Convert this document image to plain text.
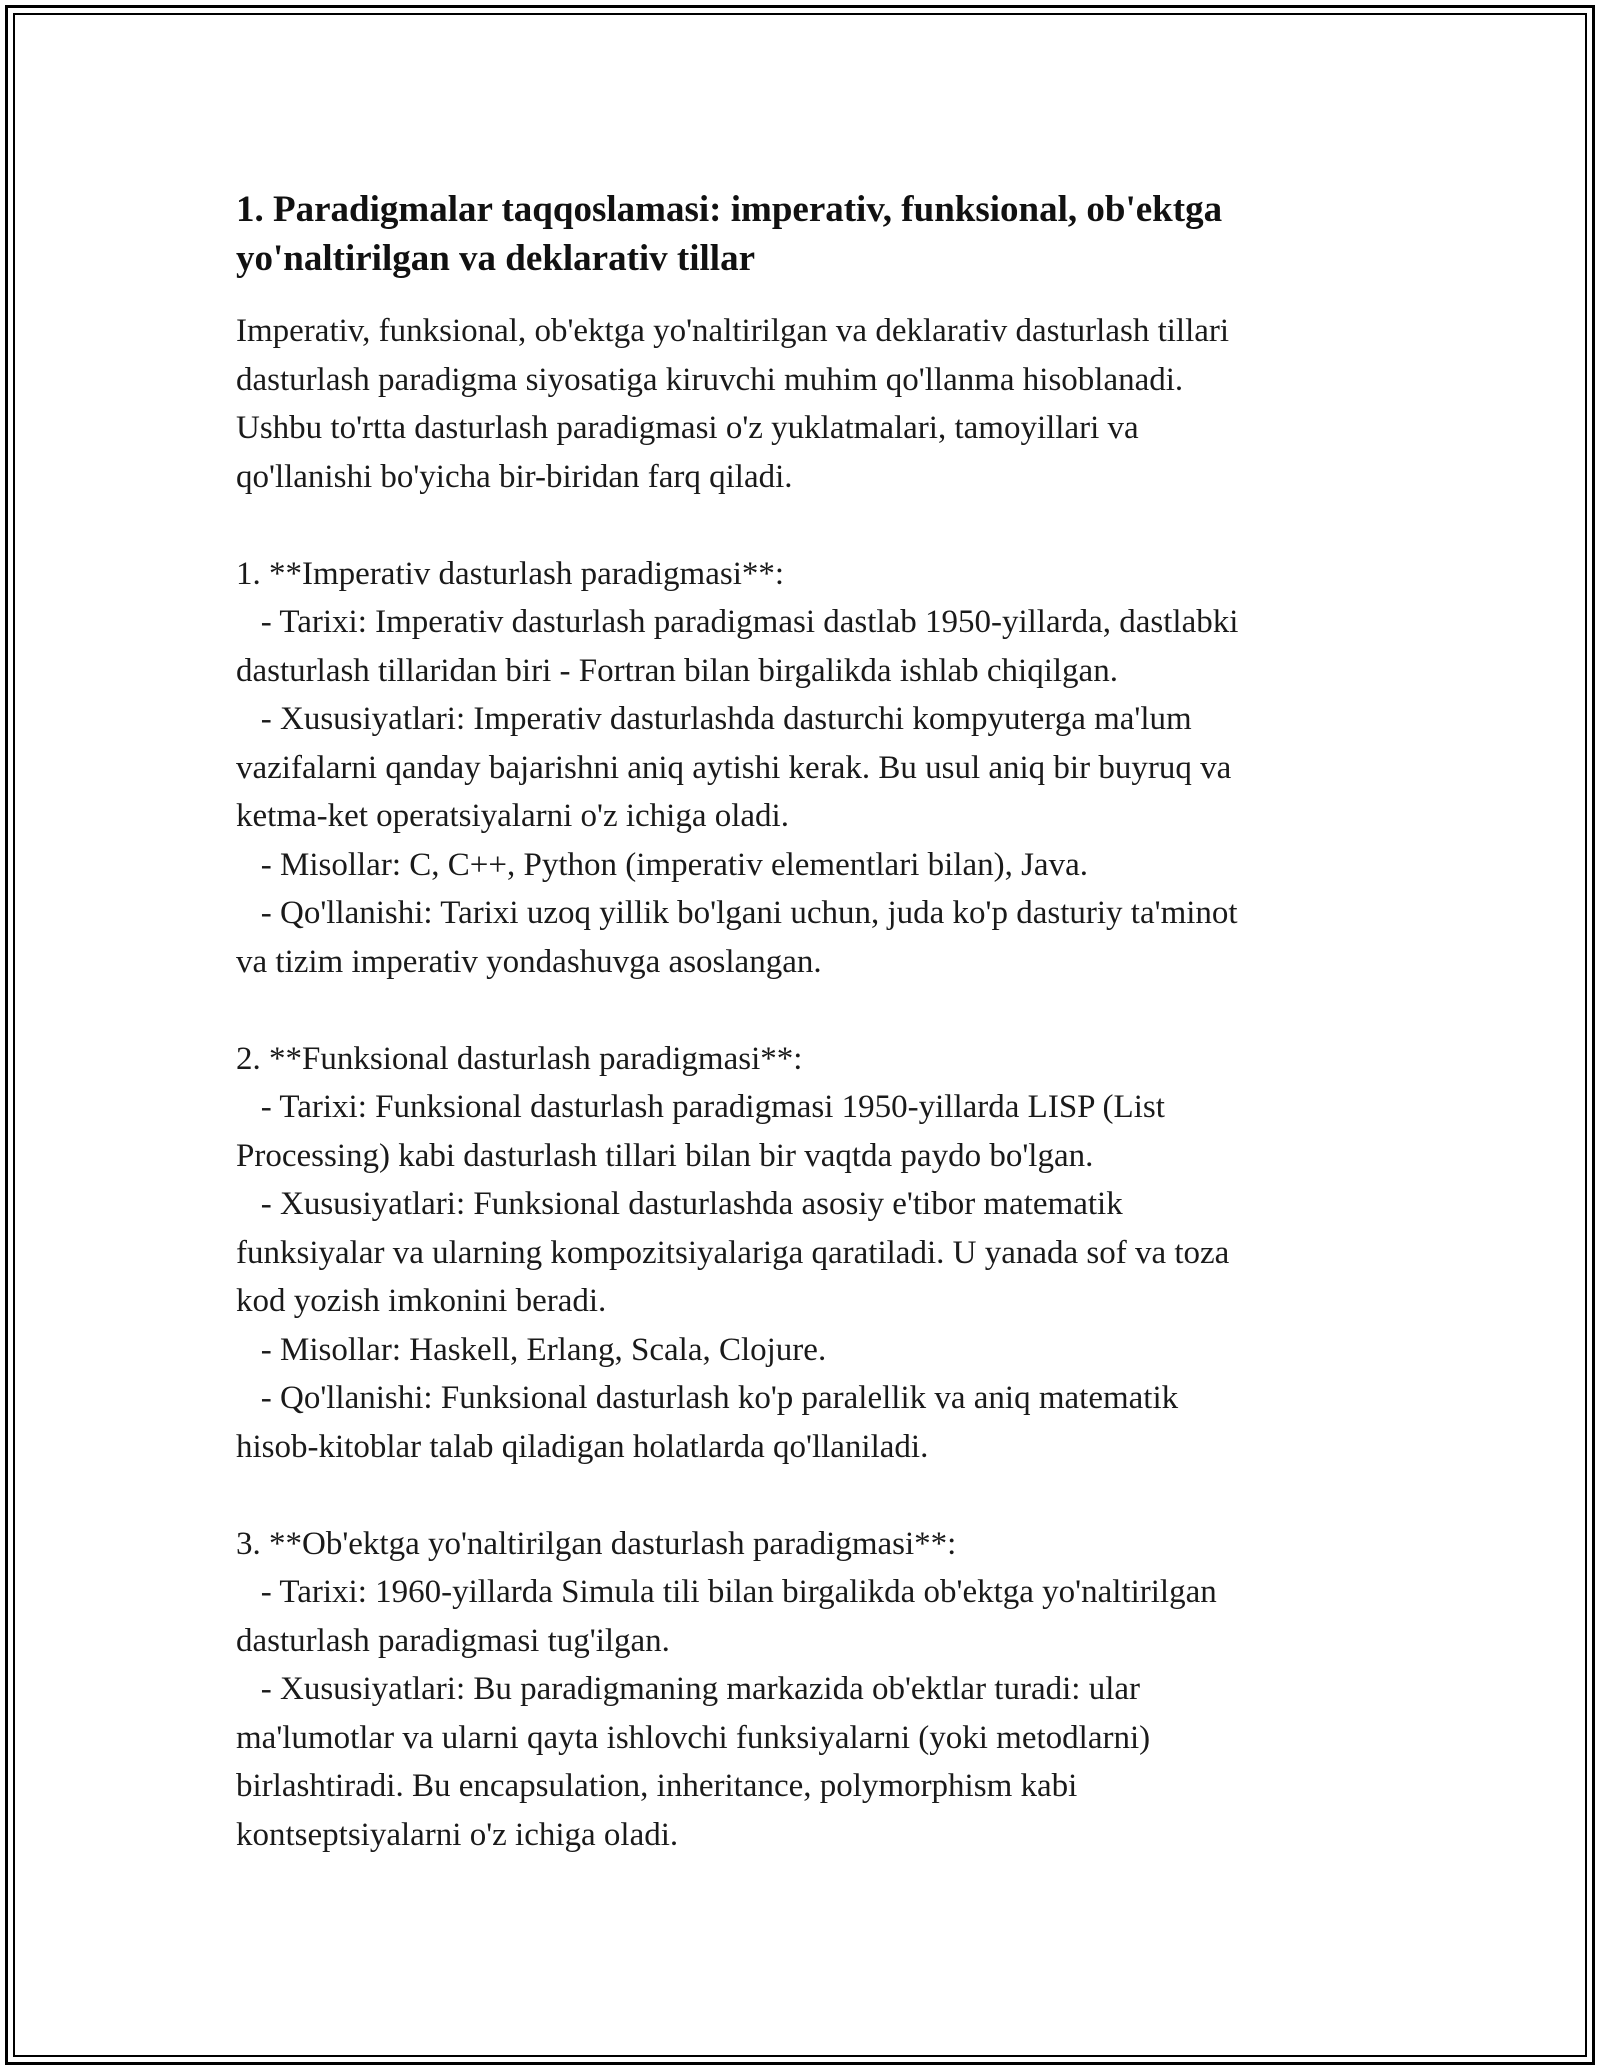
1. Paradigmalar taqqoslamasi: imperativ, funksional, ob'ektga
yo'naltirilgan va deklarativ tillar
Imperativ, funksional, ob'ektga yo'naltirilgan va deklarativ dasturlash tillari
dasturlash paradigma siyosatiga kiruvchi muhim qo'llanma hisoblanadi.
Ushbu to'rtta dasturlash paradigmasi o'z yuklatmalari, tamoyillari va
qo'llanishi bo'yicha bir-biridan farq qiladi.
1. **Imperativ dasturlash paradigmasi**:
- Tarixi: Imperativ dasturlash paradigmasi dastlab 1950-yillarda, dastlabki
dasturlash tillaridan biri - Fortran bilan birgalikda ishlab chiqilgan.
- Xususiyatlari: Imperativ dasturlashda dasturchi kompyuterga ma'lum
vazifalarni qanday bajarishni aniq aytishi kerak. Bu usul aniq bir buyruq va
ketma-ket operatsiyalarni o'z ichiga oladi.
- Misollar: C, C++, Python (imperativ elementlari bilan), Java.
- Qo'llanishi: Tarixi uzoq yillik bo'lgani uchun, juda ko'p dasturiy ta'minot
va tizim imperativ yondashuvga asoslangan.
2. **Funksional dasturlash paradigmasi**:
- Tarixi: Funksional dasturlash paradigmasi 1950-yillarda LISP (List
Processing) kabi dasturlash tillari bilan bir vaqtda paydo bo'lgan.
- Xususiyatlari: Funksional dasturlashda asosiy e'tibor matematik
funksiyalar va ularning kompozitsiyalariga qaratiladi. U yanada sof va toza
kod yozish imkonini beradi.
- Misollar: Haskell, Erlang, Scala, Clojure.
- Qo'llanishi: Funksional dasturlash ko'p paralellik va aniq matematik
hisob-kitoblar talab qiladigan holatlarda qo'llaniladi.
3. **Ob'ektga yo'naltirilgan dasturlash paradigmasi**:
- Tarixi: 1960-yillarda Simula tili bilan birgalikda ob'ektga yo'naltirilgan
dasturlash paradigmasi tug'ilgan.
- Xususiyatlari: Bu paradigmaning markazida ob'ektlar turadi: ular
ma'lumotlar va ularni qayta ishlovchi funksiyalarni (yoki metodlarni)
birlashtiradi. Bu encapsulation, inheritance, polymorphism kabi
kontseptsiyalarni o'z ichiga oladi.
